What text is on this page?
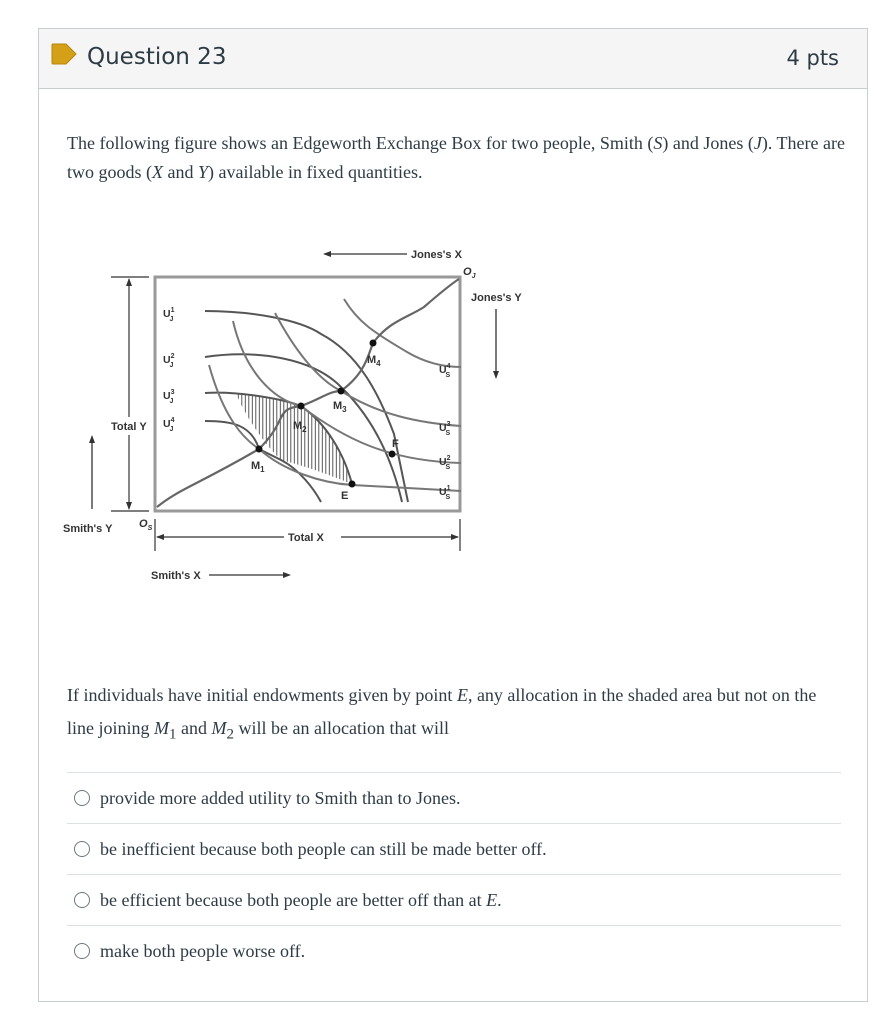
Question 23	4 pts
The following figure shows an Edgeworth Exchange Box for two people, Smith (S) and Jones (J). There are two goods (X and Y) available in fixed quantities.
$M_1$
$M_2$
$M_3$
$M_4$
E
F
$U^1$ J
$U^2$ J
$U^3$ J
$U^4$ J
$U^4$ S
$U^3$ S
$U^2$ S
$U^1$ S
Jones's X
$O_J$
Jones's Y
Total Y
Smith's Y $O_S$
Total X
Smith's X
If individuals have initial endowments given by point E, any allocation in the shaded area but not on the line joining $M_1$ and $M_2$ will be an allocation that will
provide more added utility to Smith than to Jones.
be inefficient because both people can still be made better off.
be efficient because both people are better off than at E.
make both people worse off.
